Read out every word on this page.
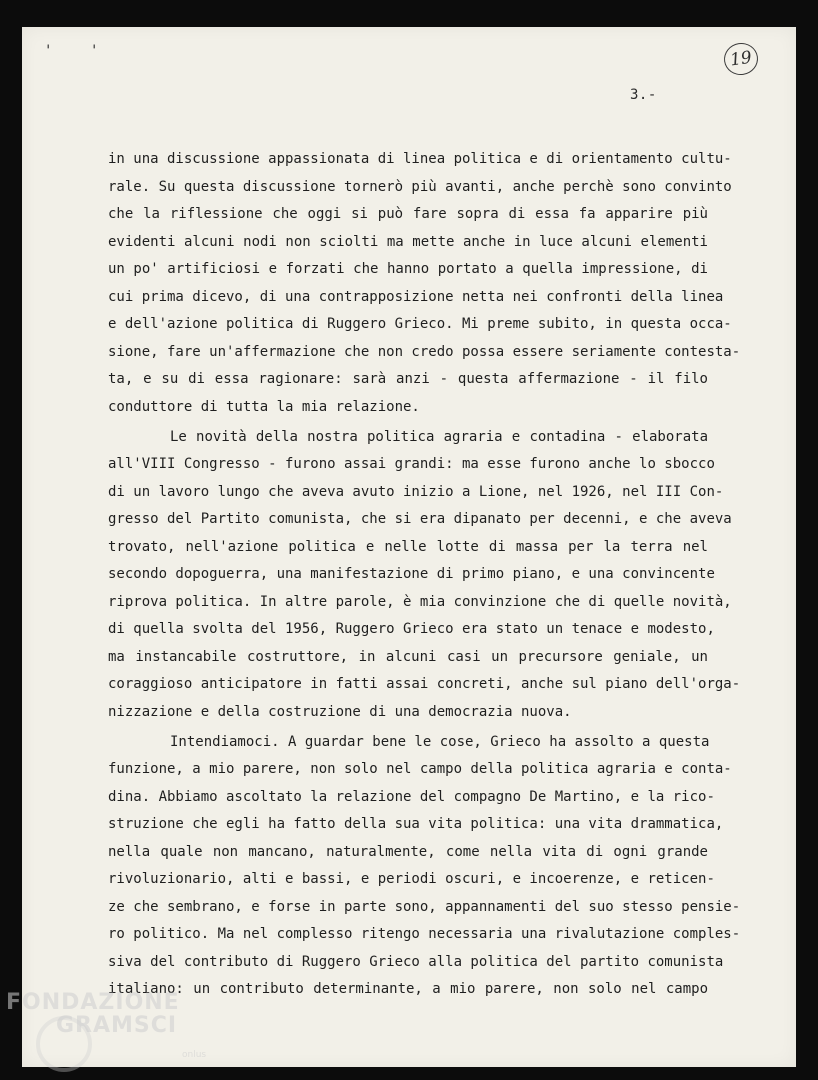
'	'	19
3.-
in una discussione appassionata di linea politica e di orientamento cultu-
rale. Su questa discussione tornerò più avanti, anche perchè sono convinto
che la riflessione che oggi si può fare sopra di essa fa apparire più
evidenti alcuni nodi non sciolti ma mette anche in luce alcuni elementi
un po' artificiosi e forzati che hanno portato a quella impressione, di
cui prima dicevo, di una contrapposizione netta nei confronti della linea
e dell'azione politica di Ruggero Grieco. Mi preme subito, in questa occa-
sione, fare un'affermazione che non credo possa essere seriamente contesta-
ta, e su di essa ragionare: sarà anzi - questa affermazione - il filo
conduttore di tutta la mia relazione.
Le novità della nostra politica agraria e contadina - elaborata
all'VIII Congresso - furono assai grandi: ma esse furono anche lo sbocco
di un lavoro lungo che aveva avuto inizio a Lione, nel 1926, nel III Con-
gresso del Partito comunista, che si era dipanato per decenni, e che aveva
trovato, nell'azione politica e nelle lotte di massa per la terra nel
secondo dopoguerra, una manifestazione di primo piano, e una convincente
riprova politica. In altre parole, è mia convinzione che di quelle novità,
di quella svolta del 1956, Ruggero Grieco era stato un tenace e modesto,
ma instancabile costruttore, in alcuni casi un precursore geniale, un
coraggioso anticipatore in fatti assai concreti, anche sul piano dell'orga-
nizzazione e della costruzione di una democrazia nuova.
Intendiamoci. A guardar bene le cose, Grieco ha assolto a questa
funzione, a mio parere, non solo nel campo della politica agraria e conta-
dina. Abbiamo ascoltato la relazione del compagno De Martino, e la rico-
struzione che egli ha fatto della sua vita politica: una vita drammatica,
nella quale non mancano, naturalmente, come nella vita di ogni grande
rivoluzionario, alti e bassi, e periodi oscuri, e incoerenze, e reticen-
ze che sembrano, e forse in parte sono, appannamenti del suo stesso pensie-
ro politico. Ma nel complesso ritengo necessaria una rivalutazione comples-
siva del contributo di Ruggero Grieco alla politica del partito comunista
italiano: un contributo determinante, a mio parere, non solo nel campo
FONDAZIONE
GRAMSCI
onlus
